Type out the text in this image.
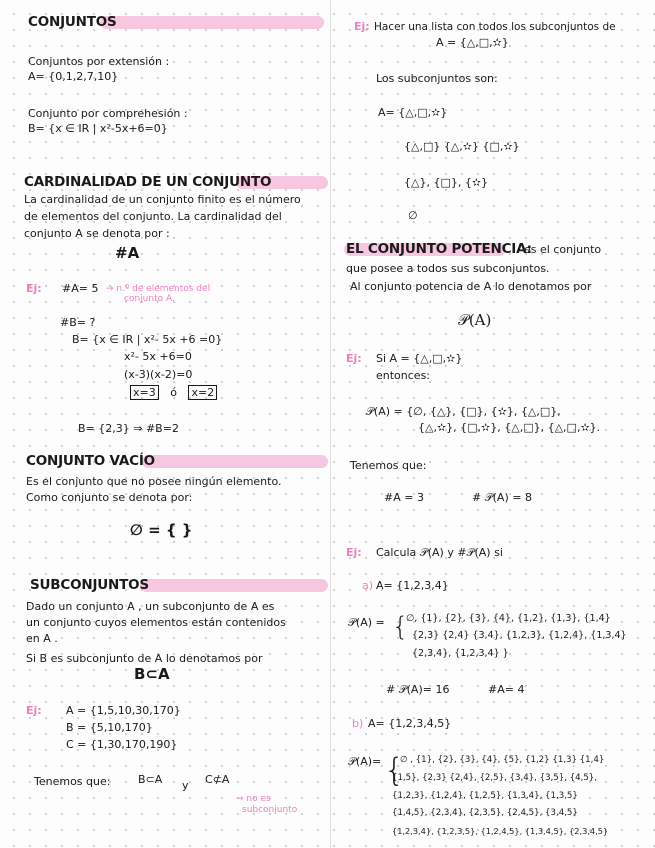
CONJUNTOS
Conjuntos por extensión :
A= {0,1,2,7,10}
Conjunto por comprehesión :
B= {x ∈ IR | x²-5x+6=0}
CARDINALIDAD DE UN CONJUNTO
La cardinalidad de un conjunto finito es el número
de elementos del conjunto. La cardinalidad del
conjunto A se denota por :
#A
Ej: #A= 5 → n.º de elementos del
conjunto A.
#B= ?
B= {x ∈ IR | x²- 5x +6 =0}
x²- 5x +6=0
(x-3)(x-2)=0
x=3 ó x=2
B= {2,3} ⇒ #B=2
CONJUNTO VACÍO
Es el conjunto que no posee ningún elemento.
Como conjunto se denota por:
∅ = { }
SUBCONJUNTOS
Dado un conjunto A , un subconjunto de A es
un conjunto cuyos elementos están contenidos
en A .
Si B es subconjunto de A lo denotamos por
B⊂A
Ej: A = {1,5,10,30,170}
B = {5,10,170}
C = {1,30,170,190}
Tenemos que:	B⊂A y C⊄A
→ no es
subconjunto
Ej: Hacer una lista con todos los subconjuntos de
A = {△,□,✫}
Los subconjuntos son:
A= {△,□,✫}
{△,□} {△,✫} {□,✫}
{△}, {□}, {✫}
∅
EL CONJUNTO POTENCIA:
es el conjunto
que posee a todos sus subconjuntos.
Al conjunto potencia de A lo denotamos por
𝒫(A)
Ej: Si A = {△,□,✫}
entonces:
𝒫(A) = {∅, {△}, {□}, {✫}, {△,□},
{△,✫}, {□,✫}, {△,□}, {△,□,✫}.
Tenemos que:
#A = 3	# 𝒫(A) = 8
Ej: Calcula 𝒫(A) y #𝒫(A) si
a) A= {1,2,3,4}
𝒫(A) = {
∅, {1}, {2}, {3}, {4}, {1,2}, {1,3}, {1,4}
{2,3} {2,4} {3,4}, {1,2,3}, {1,2,4}, {1,3,4}
{2,3,4}, {1,2,3,4} }
# 𝒫(A)= 16	#A= 4
b) A= {1,2,3,4,5}
𝒫(A)= {
∅ , {1}, {2}, {3}, {4}, {5}, {1,2} {1,3} {1,4}
{1,5}, {2,3} {2,4}, {2,5}, {3,4}, {3,5}, {4,5},
{1,2,3}, {1,2,4}, {1,2,5}, {1,3,4}, {1,3,5}
{1,4,5}, {2,3,4}, {2,3,5}, {2,4,5}, {3,4,5}
{1,2,3,4}, {1,2,3,5}, {1,2,4,5}, {1,3,4,5}, {2,3,4,5}
